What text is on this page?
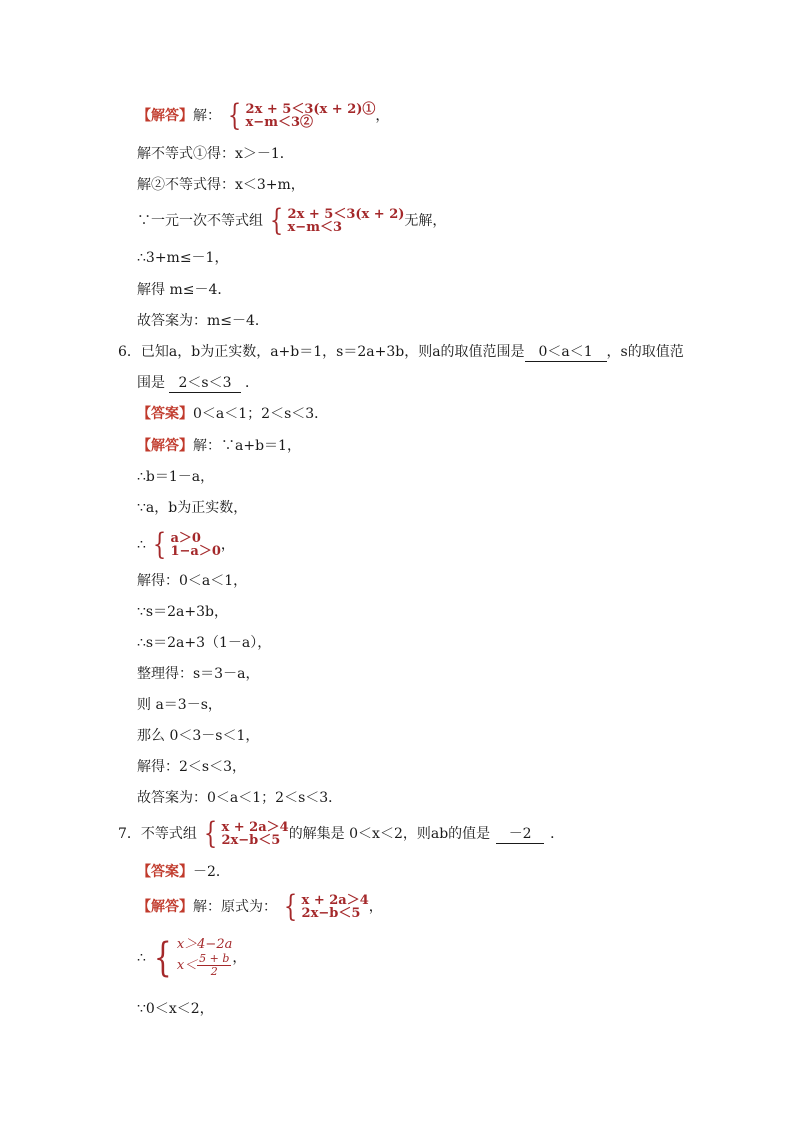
【解答】解： { 2x + 5＜3(x + 2)①
x−m＜3②	，
解不等式①得：x＞－1．
解②不等式得：x＜3+m，
∵一元一次不等式组 { 2x + 5＜3(x + 2)
x−m＜3	无解，
∴3+m≤－1，
解得 m≤－4．
故答案为：m≤－4．
6．已知a，b为正实数，a+b＝1，s＝2a+3b，则a的取值范围是 0＜a＜1 ，s的取值范
围是 2＜s＜3 ．
【答案】0＜a＜1；2＜s＜3．
【解答】解：∵a+b＝1，
∴b＝1－a，
∵a，b为正实数，
∴ { a＞0
1−a＞0 ，
解得：0＜a＜1，
∵s＝2a+3b，
∴s＝2a+3（1－a），
整理得：s＝3－a，
则 a＝3－s，
那么 0＜3－s＜1，
解得：2＜s＜3，
故答案为：0＜a＜1；2＜s＜3．
7．不等式组 { x + 2a＞4
2x−b＜5 的解集是 0＜x＜2，则ab的值是 －2 ．
【答案】－2．
【解答】解：原式为： { x + 2a＞4
2x−b＜5 ，
∴ { x＞4−2a
$x< \frac{5 + b}{2}$ ，
∵0＜x＜2，
